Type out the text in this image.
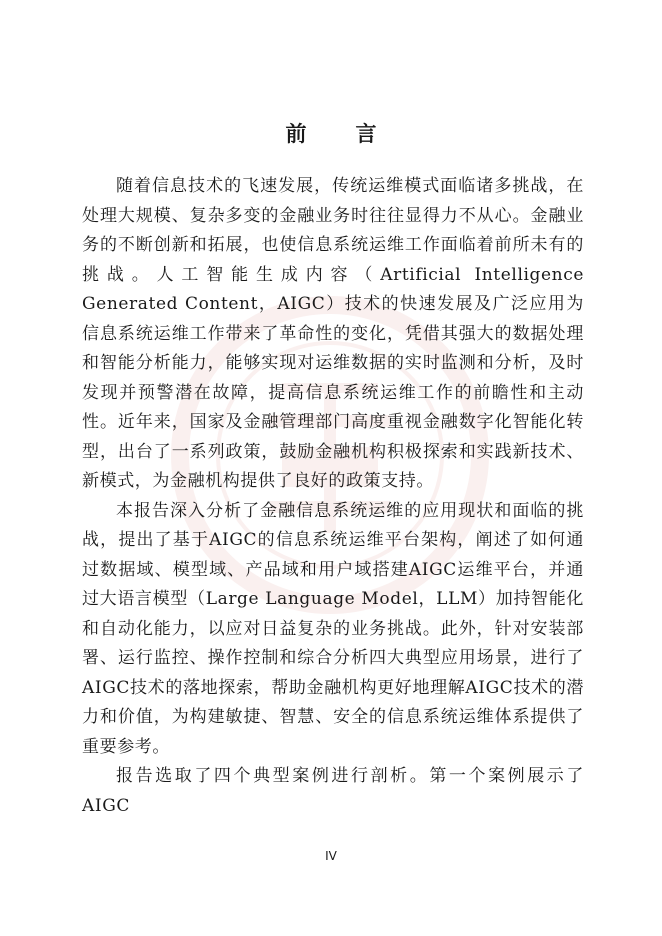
前　言

随着信息技术的飞速发展，传统运维模式面临诸多挑战，在处理大规模、复杂多变的金融业务时往往显得力不从心。金融业务的不断创新和拓展，也使信息系统运维工作面临着前所未有的挑战。人工智能生成内容（Artificial Intelligence Generated Content，AIGC）技术的快速发展及广泛应用为信息系统运维工作带来了革命性的变化，凭借其强大的数据处理和智能分析能力，能够实现对运维数据的实时监测和分析，及时发现并预警潜在故障，提高信息系统运维工作的前瞻性和主动性。近年来，国家及金融管理部门高度重视金融数字化智能化转型，出台了一系列政策，鼓励金融机构积极探索和实践新技术、新模式，为金融机构提供了良好的政策支持。

本报告深入分析了金融信息系统运维的应用现状和面临的挑战，提出了基于AIGC的信息系统运维平台架构，阐述了如何通过数据域、模型域、产品域和用户域搭建AIGC运维平台，并通过大语言模型（Large Language Model，LLM）加持智能化和自动化能力，以应对日益复杂的业务挑战。此外，针对安装部署、运行监控、操作控制和综合分析四大典型应用场景，进行了AIGC技术的落地探索，帮助金融机构更好地理解AIGC技术的潜力和价值，为构建敏捷、智慧、安全的信息系统运维体系提供了重要参考。

报告选取了四个典型案例进行剖析。第一个案例展示了AIGC

IV
